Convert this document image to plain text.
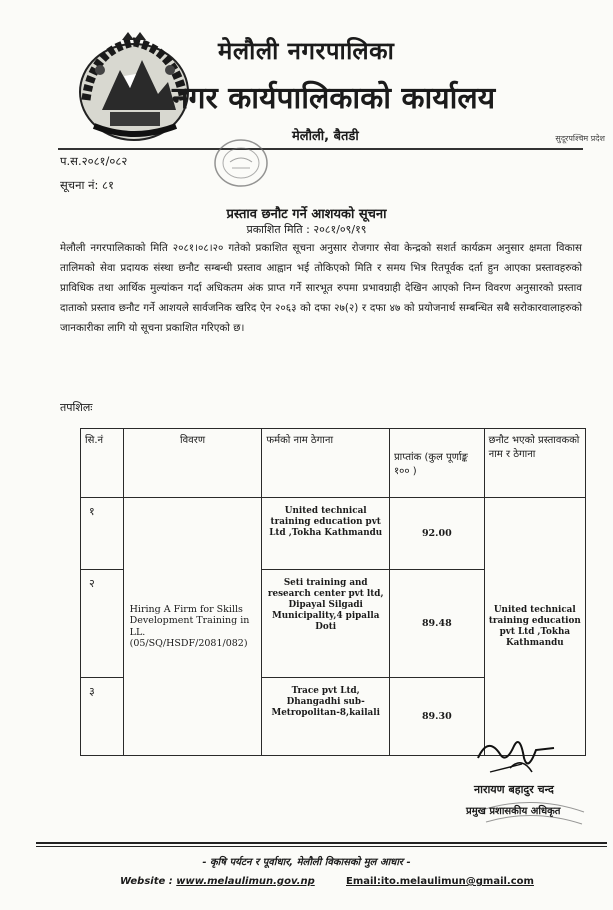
मेलौली नगरपालिका
नगर कार्यपालिकाको कार्यालय
मेलौली, बैतडी	सुदूरपश्चिम प्रदेश
प.स.२०८१/०८२
सूचना नं: ८१
प्रस्ताव छनौट गर्ने आशयको सूचना
प्रकाशित मिति : २०८१/०९/१९
मेलौली नगरपालिकाको मिति २०८१।०८।२० गतेको प्रकाशित सूचना अनुसार रोजगार सेवा केन्द्रको सशर्त कार्यक्रम अनुसार क्षमता विकास तालिमको सेवा प्रदायक संस्था छनौट सम्बन्धी प्रस्ताव आह्वान भई तोकिएको मिति र समय भित्र रितपूर्वक दर्ता हुन आएका प्रस्तावहरुको प्राविधिक तथा आर्थिक मुल्यांकन गर्दा अधिकतम अंक प्राप्त गर्ने सारभूत रुपमा प्रभावग्राही देखिन आएको निम्न विवरण अनुसारको प्रस्ताव दाताको प्रस्ताव छनौट गर्ने आशयले सार्वजनिक खरिद ऐन २०६३ को दफा २७(२) र दफा ४७ को प्रयोजनार्थ सम्बन्धित सबै सरोकारवालाहरुको जानकारीका लागि यो सूचना प्रकाशित गरिएको छ।
तपशिलः
सि.नं	विवरण	फर्मको नाम ठेगाना	प्राप्तांक (कुल पूर्णाङ्क १०० )	छनौट भएको प्रस्तावकको नाम र ठेगाना
१	Hiring A Firm for Skills Development Training in LL. (05/SQ/HSDF/2081/082)	United technical training education pvt Ltd ,Tokha Kathmandu	92.00	United technical training education pvt Ltd ,Tokha Kathmandu
२		Seti training and research center pvt ltd, Dipayal Silgadi Municipality,4 pipalla Doti	89.48	
३		Trace pvt Ltd, Dhangadhi sub-Metropolitan-8,kailali	89.30	
नारायण बहादुर चन्द
प्रमुख प्रशासकीय अधिकृत
- कृषि पर्यटन र पूर्वाधार, मेलौली विकासको मुल आधार -
Website : www.melaulimun.gov.np	Email:ito.melaulimun@gmail.com
